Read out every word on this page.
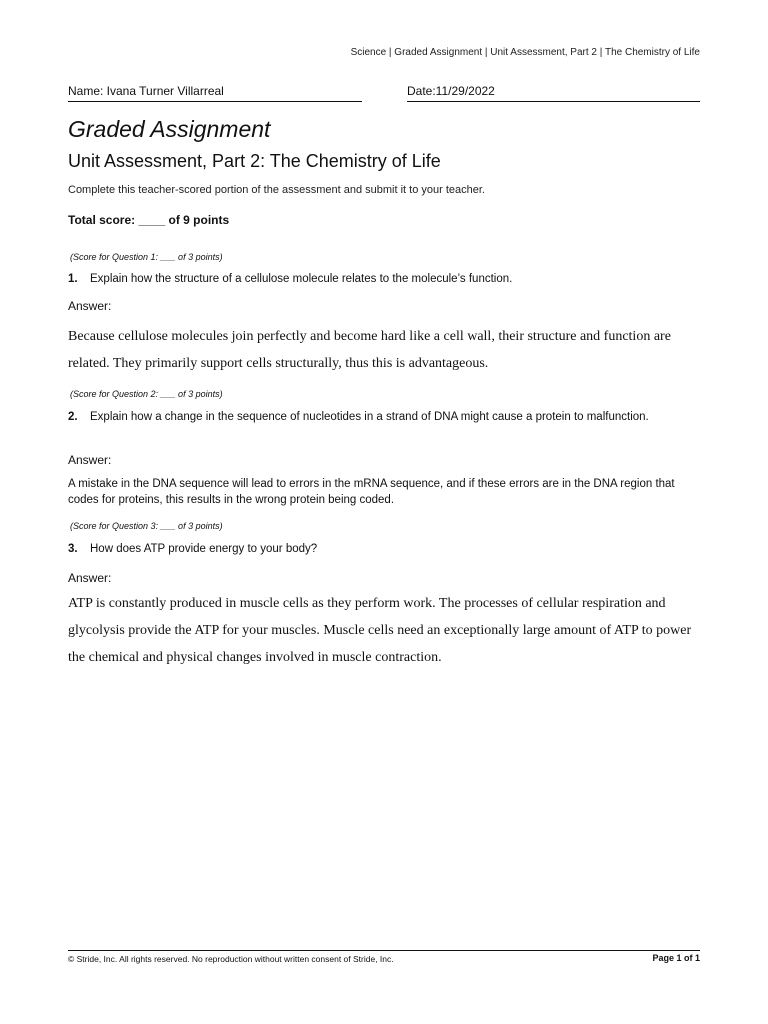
Science | Graded Assignment | Unit Assessment, Part 2 | The Chemistry of Life
Name: Ivana Turner Villarreal	Date:11/29/2022
Graded Assignment
Unit Assessment, Part 2: The Chemistry of Life
Complete this teacher-scored portion of the assessment and submit it to your teacher.
Total score: ____ of 9 points
(Score for Question 1: ___ of 3 points)
1. Explain how the structure of a cellulose molecule relates to the molecule’s function.
Answer:
Because cellulose molecules join perfectly and become hard like a cell wall, their structure and function are related. They primarily support cells structurally, thus this is advantageous.
(Score for Question 2: ___ of 3 points)
2. Explain how a change in the sequence of nucleotides in a strand of DNA might cause a protein to malfunction.
Answer:
A mistake in the DNA sequence will lead to errors in the mRNA sequence, and if these errors are in the DNA region that codes for proteins, this results in the wrong protein being coded.
(Score for Question 3: ___ of 3 points)
3. How does ATP provide energy to your body?
Answer:
ATP is constantly produced in muscle cells as they perform work. The processes of cellular respiration and glycolysis provide the ATP for your muscles. Muscle cells need an exceptionally large amount of ATP to power the chemical and physical changes involved in muscle contraction.
© Stride, Inc. All rights reserved. No reproduction without written consent of Stride, Inc.	Page 1 of 1
